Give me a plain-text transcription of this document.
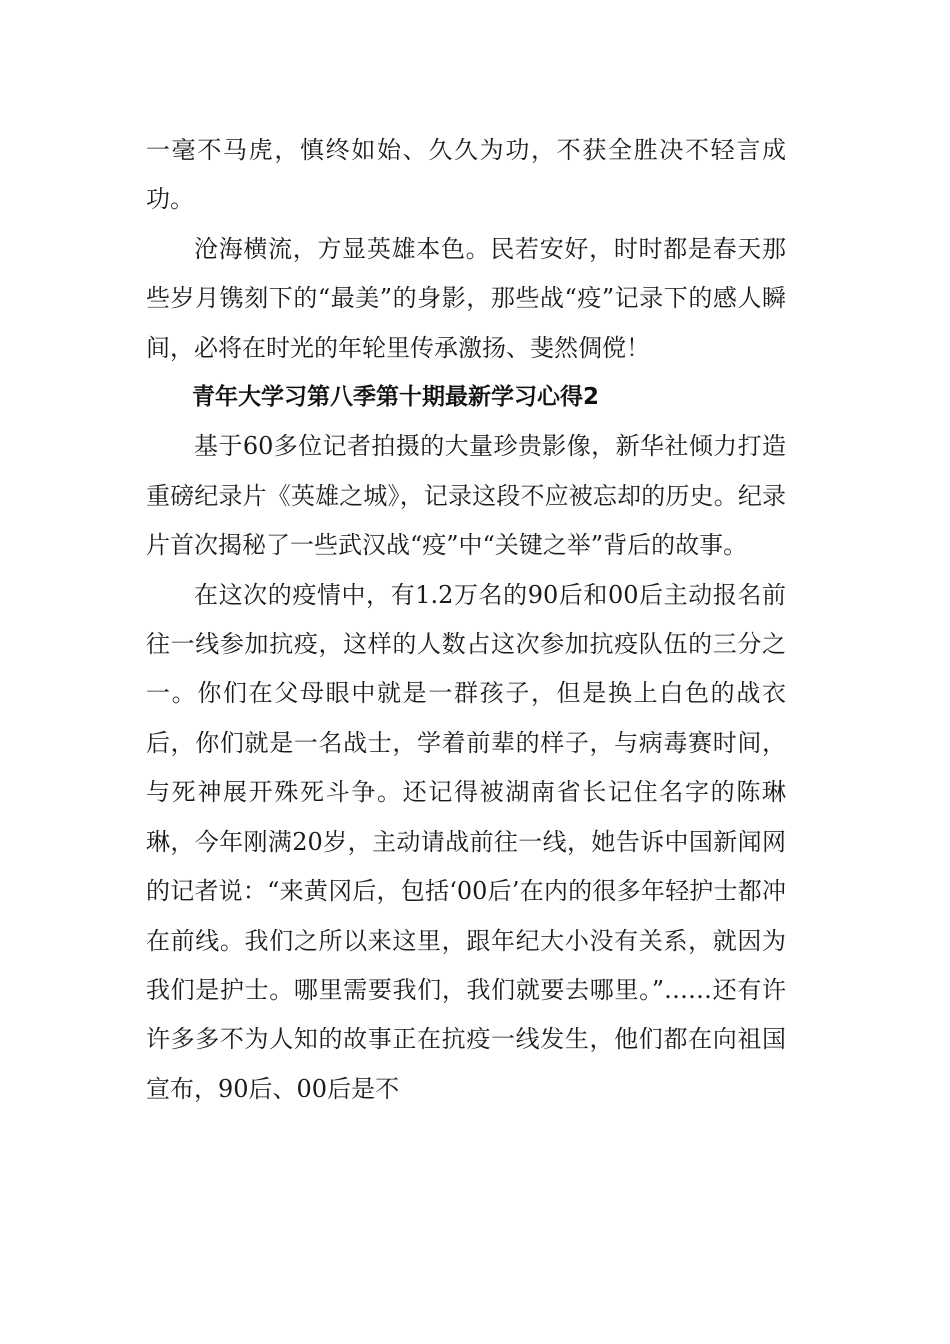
一毫不马虎，慎终如始、久久为功，不获全胜决不轻言成功。

沧海横流，方显英雄本色。民若安好，时时都是春天那些岁月镌刻下的“最美”的身影，那些战“疫”记录下的感人瞬间，必将在时光的年轮里传承激扬、斐然倜傥！

青年大学习第八季第十期最新学习心得2

基于60多位记者拍摄的大量珍贵影像，新华社倾力打造重磅纪录片《英雄之城》，记录这段不应被忘却的历史。纪录片首次揭秘了一些武汉战“疫”中“关键之举”背后的故事。

在这次的疫情中，有1.2万名的90后和00后主动报名前往一线参加抗疫，这样的人数占这次参加抗疫队伍的三分之一。你们在父母眼中就是一群孩子，但是换上白色的战衣后，你们就是一名战士，学着前辈的样子，与病毒赛时间，与死神展开殊死斗争。还记得被湖南省长记住名字的陈琳琳，今年刚满20岁，主动请战前往一线，她告诉中国新闻网的记者说：“来黄冈后，包括‘00后’在内的很多年轻护士都冲在前线。我们之所以来这里，跟年纪大小没有关系，就因为我们是护士。哪里需要我们，我们就要去哪里。”……还有许许多多不为人知的故事正在抗疫一线发生，他们都在向祖国宣布，90后、00后是不
